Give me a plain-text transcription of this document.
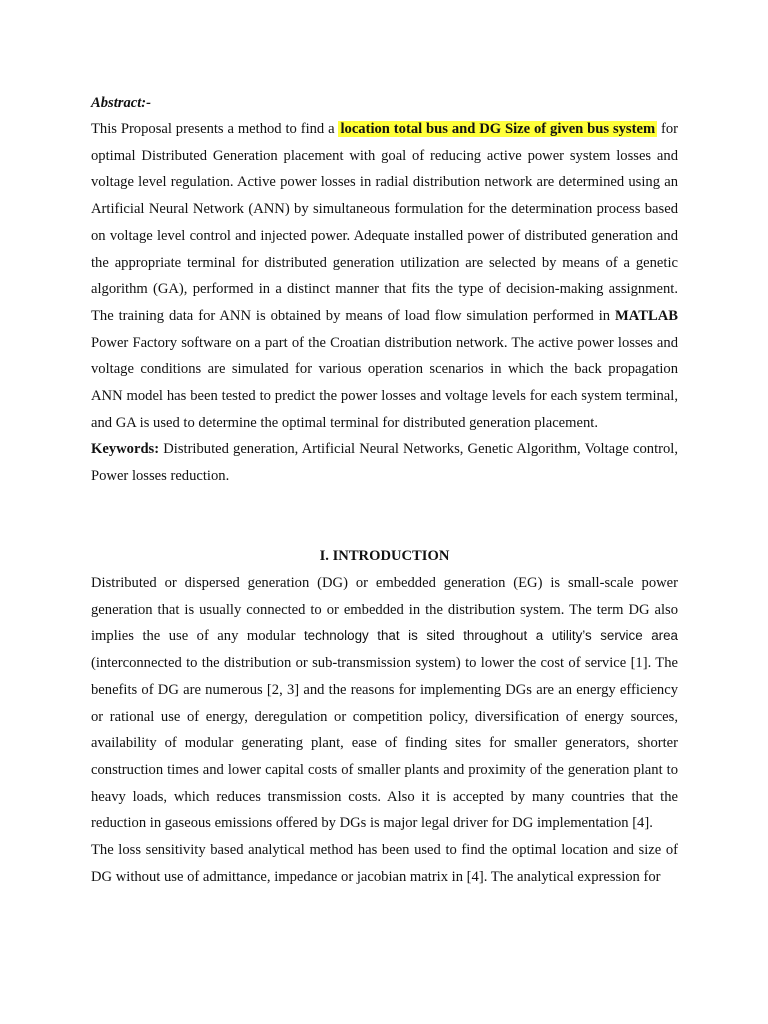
Abstract:-

This Proposal presents a method to find a location total bus and DG Size of given bus system for optimal Distributed Generation placement with goal of reducing active power system losses and voltage level regulation. Active power losses in radial distribution network are determined using an Artificial Neural Network (ANN) by simultaneous formulation for the determination process based on voltage level control and injected power. Adequate installed power of distributed generation and the appropriate terminal for distributed generation utilization are selected by means of a genetic algorithm (GA), performed in a distinct manner that fits the type of decision-making assignment. The training data for ANN is obtained by means of load flow simulation performed in MATLAB Power Factory software on a part of the Croatian distribution network. The active power losses and voltage conditions are simulated for various operation scenarios in which the back propagation ANN model has been tested to predict the power losses and voltage levels for each system terminal, and GA is used to determine the optimal terminal for distributed generation placement.

Keywords: Distributed generation, Artificial Neural Networks, Genetic Algorithm, Voltage control, Power losses reduction.

I. INTRODUCTION

Distributed or dispersed generation (DG) or embedded generation (EG) is small-scale power generation that is usually connected to or embedded in the distribution system. The term DG also implies the use of any modular technology that is sited throughout a utility’s service area (interconnected to the distribution or sub-transmission system) to lower the cost of service [1]. The benefits of DG are numerous [2, 3] and the reasons for implementing DGs are an energy efficiency or rational use of energy, deregulation or competition policy, diversification of energy sources, availability of modular generating plant, ease of finding sites for smaller generators, shorter construction times and lower capital costs of smaller plants and proximity of the generation plant to heavy loads, which reduces transmission costs. Also it is accepted by many countries that the reduction in gaseous emissions offered by DGs is major legal driver for DG implementation [4].

The loss sensitivity based analytical method has been used to find the optimal location and size of DG without use of admittance, impedance or jacobian matrix in [4]. The analytical expression for
